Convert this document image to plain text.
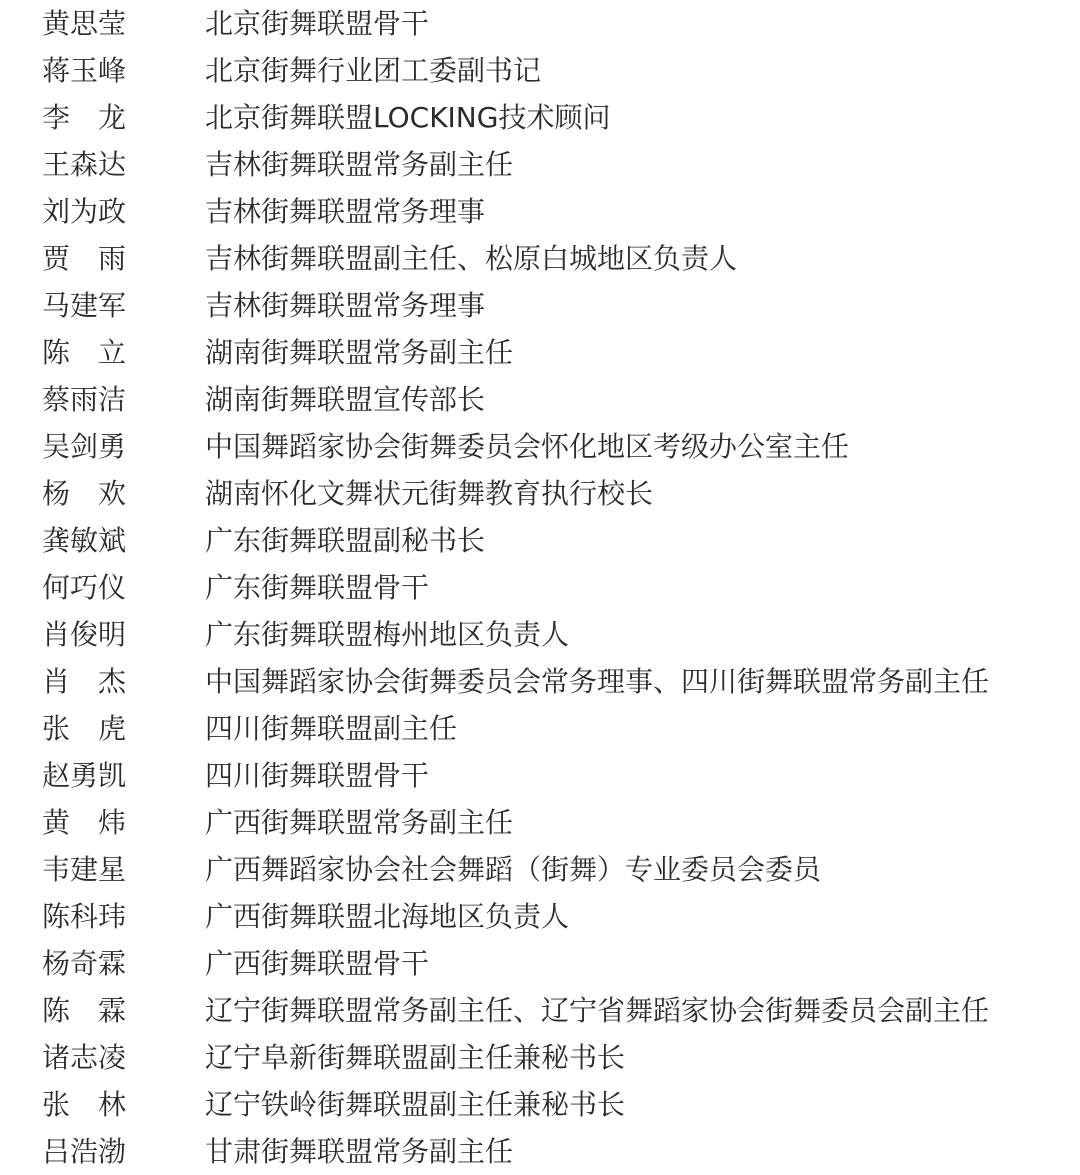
黄思莹	北京街舞联盟骨干
蒋玉峰	北京街舞行业团工委副书记
李　龙	北京街舞联盟LOCKING技术顾问
王森达	吉林街舞联盟常务副主任
刘为政	吉林街舞联盟常务理事
贾　雨	吉林街舞联盟副主任、松原白城地区负责人
马建军	吉林街舞联盟常务理事
陈　立	湖南街舞联盟常务副主任
蔡雨洁	湖南街舞联盟宣传部长
吴剑勇	中国舞蹈家协会街舞委员会怀化地区考级办公室主任
杨　欢	湖南怀化文舞状元街舞教育执行校长
龚敏斌	广东街舞联盟副秘书长
何巧仪	广东街舞联盟骨干
肖俊明	广东街舞联盟梅州地区负责人
肖　杰	中国舞蹈家协会街舞委员会常务理事、四川街舞联盟常务副主任
张　虎	四川街舞联盟副主任
赵勇凯	四川街舞联盟骨干
黄　炜	广西街舞联盟常务副主任
韦建星	广西舞蹈家协会社会舞蹈（街舞）专业委员会委员
陈科玮	广西街舞联盟北海地区负责人
杨奇霖	广西街舞联盟骨干
陈　霖	辽宁街舞联盟常务副主任、辽宁省舞蹈家协会街舞委员会副主任
诸志凌	辽宁阜新街舞联盟副主任兼秘书长
张　林	辽宁铁岭街舞联盟副主任兼秘书长
吕浩渤	甘肃街舞联盟常务副主任
